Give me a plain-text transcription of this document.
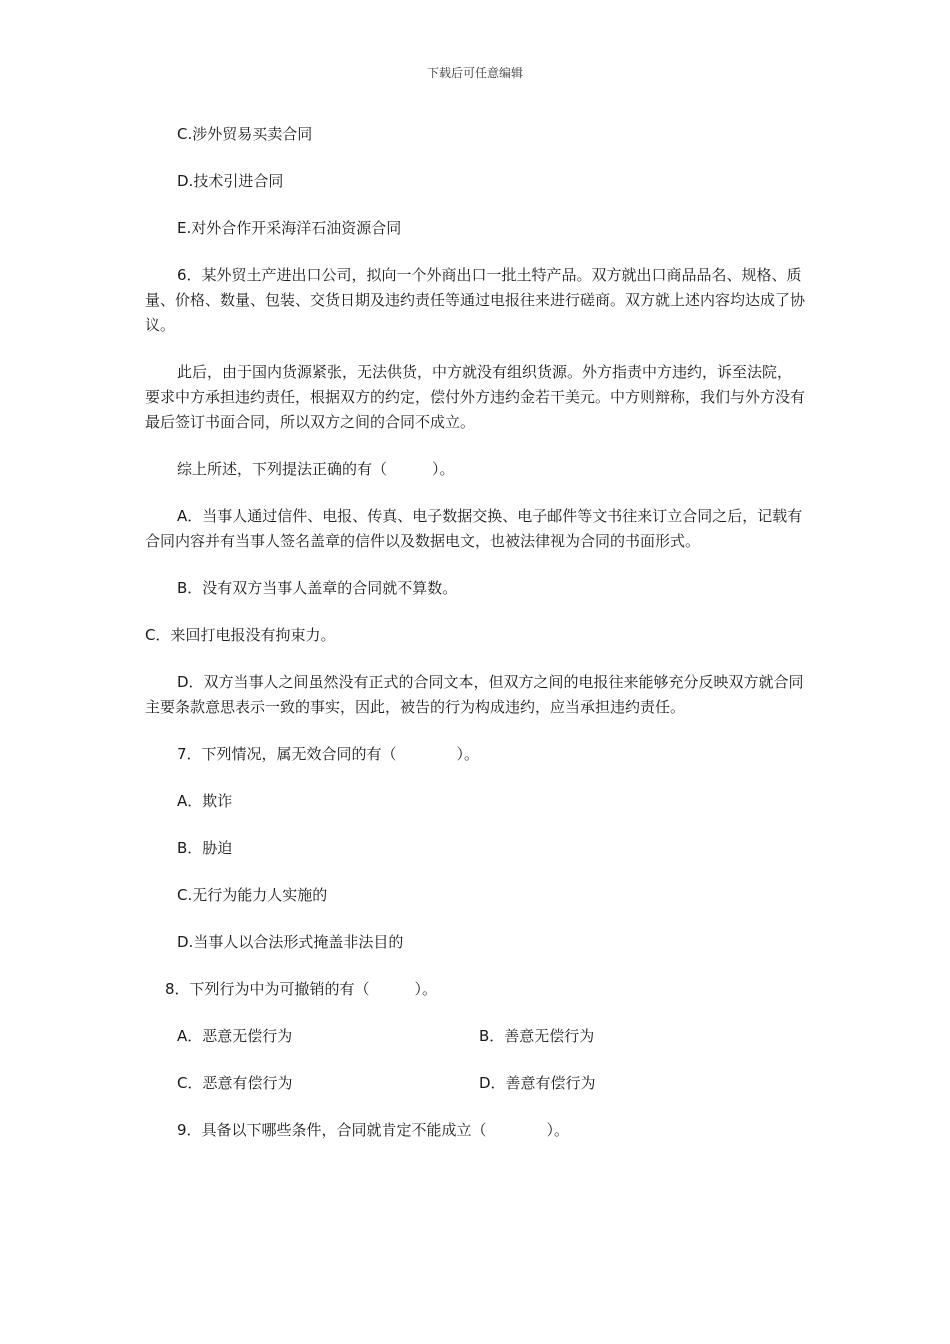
下载后可任意编辑

C.涉外贸易买卖合同

D.技术引进合同

E.对外合作开采海洋石油资源合同

6．某外贸土产进出口公司，拟向一个外商出口一批土特产品。双方就出口商品品名、规格、质量、价格、数量、包装、交货日期及违约责任等通过电报往来进行磋商。双方就上述内容均达成了协议。

此后，由于国内货源紧张，无法供货，中方就没有组织货源。外方指责中方违约，诉至法院，要求中方承担违约责任，根据双方的约定，偿付外方违约金若干美元。中方则辩称，我们与外方没有最后签订书面合同，所以双方之间的合同不成立。

综上所述，下列提法正确的有（　　　）。

A．当事人通过信件、电报、传真、电子数据交换、电子邮件等文书往来订立合同之后，记载有合同内容并有当事人签名盖章的信件以及数据电文，也被法律视为合同的书面形式。

B．没有双方当事人盖章的合同就不算数。

C．来回打电报没有拘束力。

D．双方当事人之间虽然没有正式的合同文本，但双方之间的电报往来能够充分反映双方就合同主要条款意思表示一致的事实，因此，被告的行为构成违约，应当承担违约责任。

7．下列情况，属无效合同的有（　　　　）。

A．欺诈

B．胁迫

C.无行为能力人实施的

D.当事人以合法形式掩盖非法目的

8．下列行为中为可撤销的有（　　　）。

A．恶意无偿行为	B．善意无偿行为
C．恶意有偿行为	D．善意有偿行为

9．具备以下哪些条件，合同就肯定不能成立（　　　　）。
